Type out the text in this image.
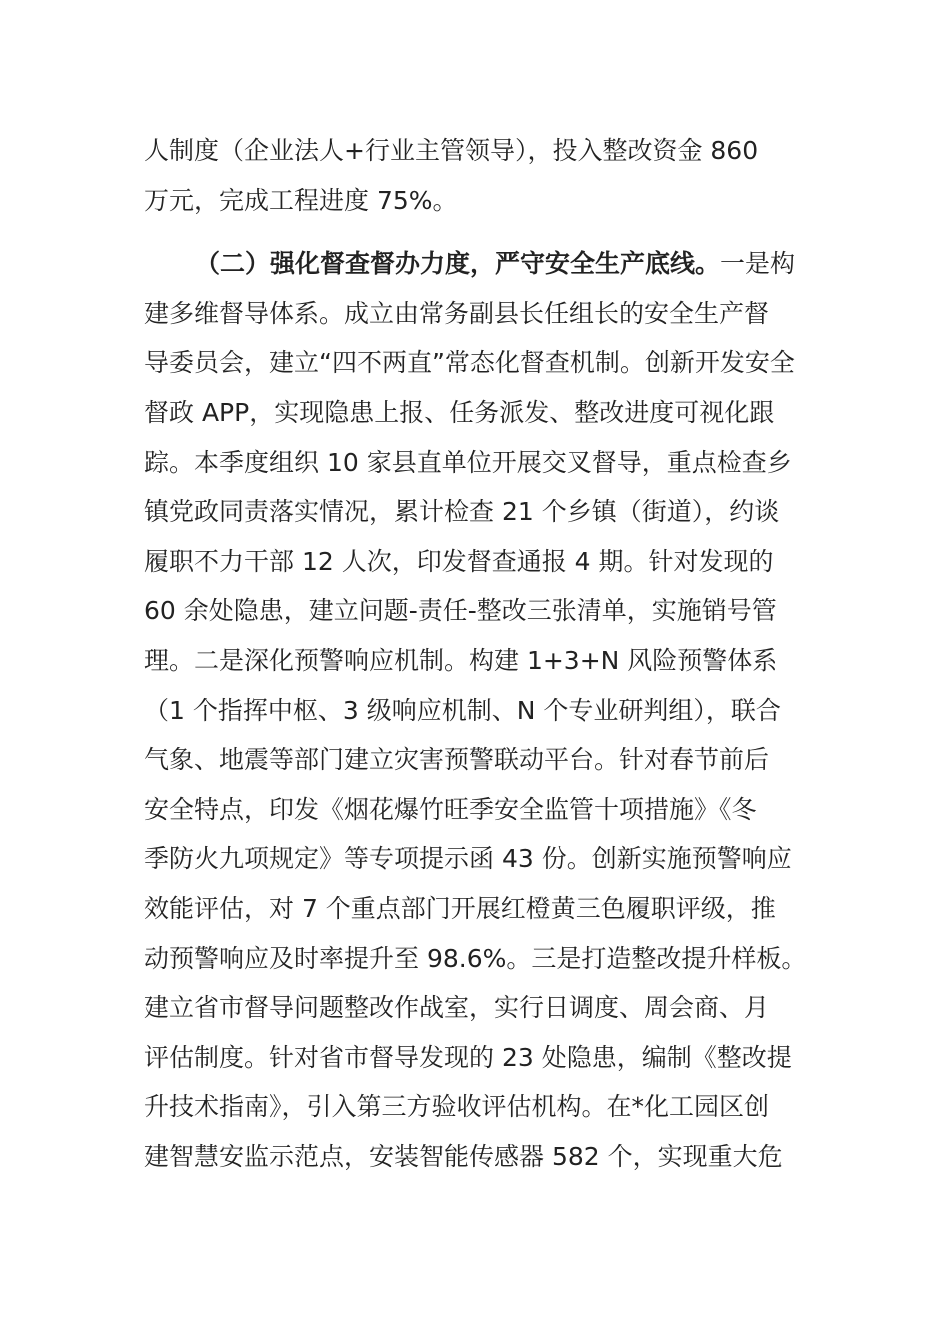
人制度（企业法人+行业主管领导），投入整改资金 860
万元，完成工程进度 75%。
（二）强化督查督办力度，严守安全生产底线。一是构
建多维督导体系。成立由常务副县长任组长的安全生产督
导委员会，建立“四不两直”常态化督查机制。创新开发安全
督政 APP，实现隐患上报、任务派发、整改进度可视化跟
踪。本季度组织 10 家县直单位开展交叉督导，重点检查乡
镇党政同责落实情况，累计检查 21 个乡镇（街道），约谈
履职不力干部 12 人次，印发督查通报 4 期。针对发现的
60 余处隐患，建立问题-责任-整改三张清单，实施销号管
理。二是深化预警响应机制。构建 1+3+N 风险预警体系
（1 个指挥中枢、3 级响应机制、N 个专业研判组），联合
气象、地震等部门建立灾害预警联动平台。针对春节前后
安全特点，印发《烟花爆竹旺季安全监管十项措施》《冬
季防火九项规定》等专项提示函 43 份。创新实施预警响应
效能评估，对 7 个重点部门开展红橙黄三色履职评级，推
动预警响应及时率提升至 98.6%。三是打造整改提升样板。
建立省市督导问题整改作战室，实行日调度、周会商、月
评估制度。针对省市督导发现的 23 处隐患，编制《整改提
升技术指南》，引入第三方验收评估机构。在*化工园区创
建智慧安监示范点，安装智能传感器 582 个，实现重大危
